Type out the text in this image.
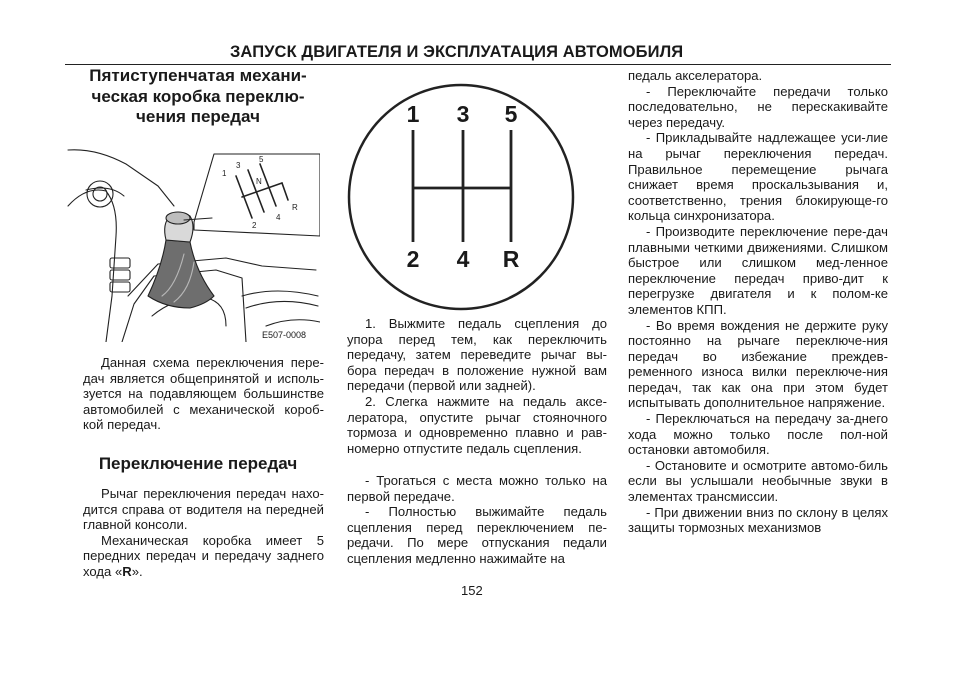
ЗАПУСК ДВИГАТЕЛЯ И ЭКСПЛУАТАЦИЯ АВТОМОБИЛЯ
Пятиступенчатая механи-
ческая коробка переклю-
чения передач
1
3
5
N
2
4
R
E507-0008

Данная схема переключения пере-дач является общепринятой и исполь-зуется на подавляющем большинстве автомобилей с механической короб-кой передач.

Переключение передач

Рычаг переключения передач нахо-дится справа от водителя на передней главной консоли.

Механическая коробка имеет 5 передних передач и передачу заднего хода «R».

1 3 5
2 4 R

1. Выжмите педаль сцепления до упора перед тем, как переключить передачу, затем переведите рычаг вы-бора передач в положение нужной вам передачи (первой или задней).

2. Слегка нажмите на педаль аксе-лератора, опустите рычаг стояночного тормоза и одновременно плавно и рав-номерно отпустите педаль сцепления.

- Трогаться с места можно только на первой передаче.

- Полностью выжимайте педаль сцепления перед переключением пе-редачи. По мере отпускания педали сцепления медленно нажимайте на

педаль акселератора.

- Переключайте передачи только последовательно, не перескакивайте через передачу.

- Прикладывайте надлежащее уси-лие на рычаг переключения передач. Правильное перемещение рычага снижает время проскальзывания и, соответственно, трения блокирующе-го кольца синхронизатора.

- Производите переключение пере-дач плавными четкими движениями. Слишком быстрое или слишком мед-ленное переключение передач приво-дит к перегрузке двигателя и к полом-ке элементов КПП.

- Во время вождения не держите руку постоянно на рычаге переключе-ния передач во избежание преждев-ременного износа вилки переключе-ния передач, так как она при этом будет испытывать дополнительное напряжение.

- Переключаться на передачу за-днего хода можно только после пол-ной остановки автомобиля.

- Остановите и осмотрите автомо-биль если вы услышали необычные звуки в элементах трансмиссии.

- При движении вниз по склону в целях защиты тормозных механизмов

152
